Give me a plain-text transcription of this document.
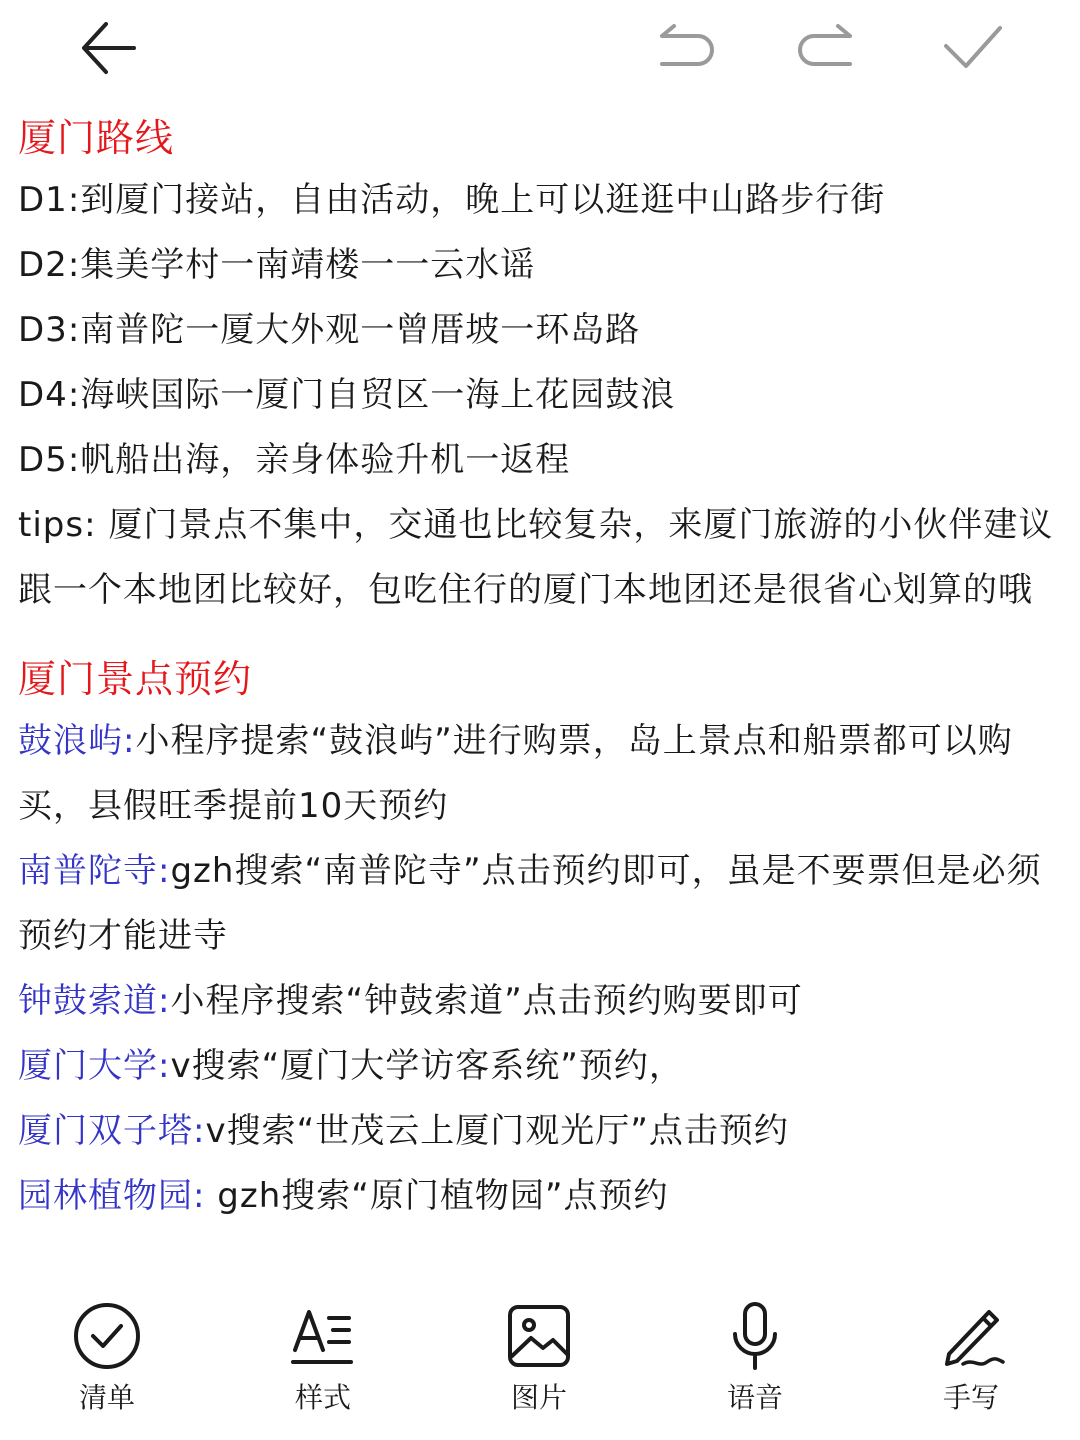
厦门路线
D1:到厦门接站，自由活动，晚上可以逛逛中山路步行街
D2:集美学村一南靖楼一一云水谣
D3:南普陀一厦大外观一曾厝坡一环岛路
D4:海峡国际一厦门自贸区一海上花园鼓浪
D5:帆船出海，亲身体验升机一返程
tips: 厦门景点不集中，交通也比较复杂，来厦门旅游的小伙伴建议跟一个本地团比较好，包吃住行的厦门本地团还是很省心划算的哦
厦门景点预约
鼓浪屿:小程序提索“鼓浪屿”进行购票，岛上景点和船票都可以购买，县假旺季提前10天预约
南普陀寺:gzh搜索“南普陀寺”点击预约即可，虽是不要票但是必须预约才能进寺
钟鼓索道:小程序搜索“钟鼓索道”点击预约购要即可
厦门大学:v搜索“厦门大学访客系统”预约，
厦门双子塔:v搜索“世茂云上厦门观光厅”点击预约
园林植物园: gzh搜索“原门植物园”点预约
清单	样式	图片	语音	手写
